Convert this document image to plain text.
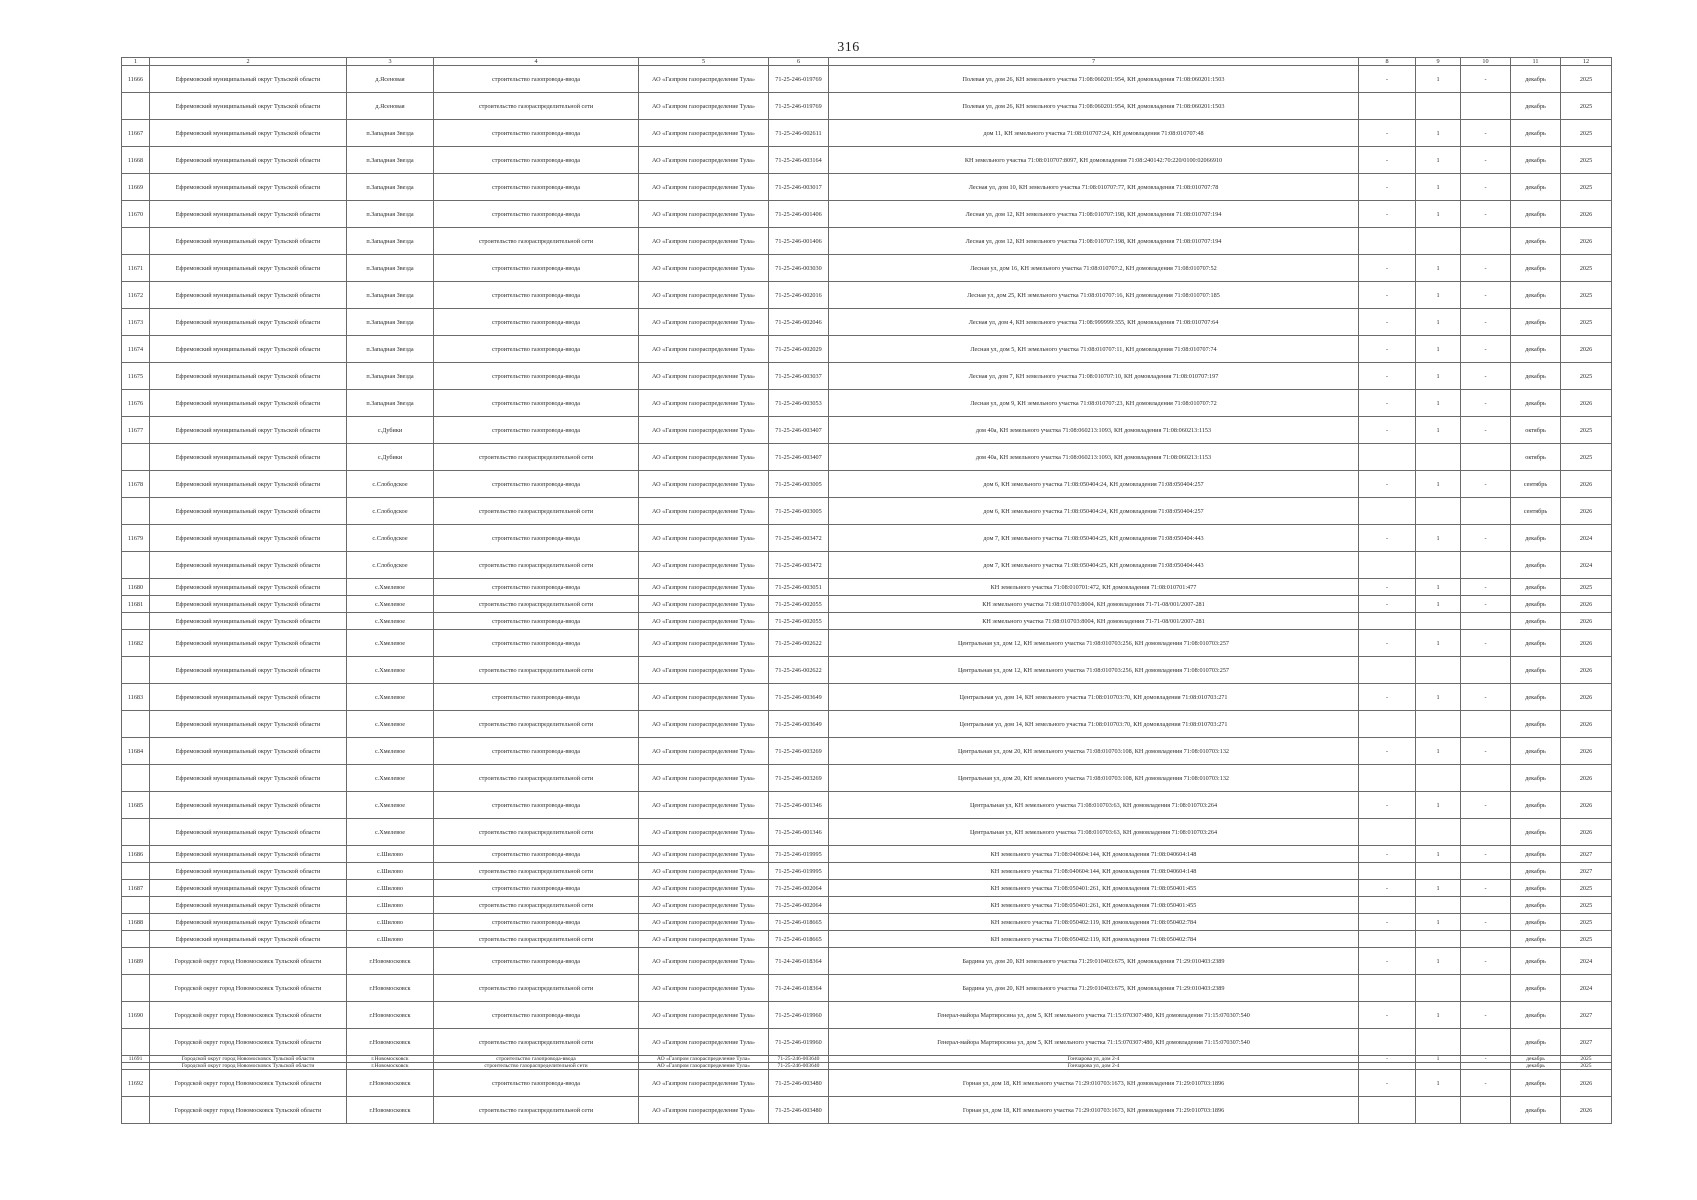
316
1	2	3	4	5	6	7	8	9	10	11	12
11666	Ефремовский муниципальный округ Тульской области	д.Ясеновая	строительство газопровода-ввода	АО «Газпром газораспределение Тула»	71-25-246-019769	Полевая ул, дом 26, КН земельного участка 71:08:060201:954, КН домовладения 71:08:060201:1503	-	1	-	декабрь	2025
	Ефремовский муниципальный округ Тульской области	д.Ясеновая	строительство газораспределительной сети	АО «Газпром газораспределение Тула»	71-25-246-019769	Полевая ул, дом 26, КН земельного участка 71:08:060201:954, КН домовладения 71:08:060201:1503				декабрь	2025
11667	Ефремовский муниципальный округ Тульской области	п.Западная Звезда	строительство газопровода-ввода	АО «Газпром газораспределение Тула»	71-25-246-002611	дом 11, КН земельного участка 71:08:010707:24, КН домовладения 71:08:010707:48	-	1	-	декабрь	2025
11668	Ефремовский муниципальный округ Тульской области	п.Западная Звезда	строительство газопровода-ввода	АО «Газпром газораспределение Тула»	71-25-246-003164	КН земельного участка 71:08:010707:8097, КН домовладения 71:08:240142:70:220/0100:02066910	-	1	-	декабрь	2025
11669	Ефремовский муниципальный округ Тульской области	п.Западная Звезда	строительство газопровода-ввода	АО «Газпром газораспределение Тула»	71-25-246-003017	Лесная ул, дом 10, КН земельного участка 71:08:010707:77, КН домовладения 71:08:010707:78	-	1	-	декабрь	2025
11670	Ефремовский муниципальный округ Тульской области	п.Западная Звезда	строительство газопровода-ввода	АО «Газпром газораспределение Тула»	71-25-246-001406	Лесная ул, дом 12, КН земельного участка 71:08:010707:198, КН домовладения 71:08:010707:194	-	1	-	декабрь	2026
	Ефремовский муниципальный округ Тульской области	п.Западная Звезда	строительство газораспределительной сети	АО «Газпром газораспределение Тула»	71-25-246-001406	Лесная ул, дом 12, КН земельного участка 71:08:010707:198, КН домовладения 71:08:010707:194				декабрь	2026
11671	Ефремовский муниципальный округ Тульской области	п.Западная Звезда	строительство газопровода-ввода	АО «Газпром газораспределение Тула»	71-25-246-003030	Лесная ул, дом 16, КН земельного участка 71:08:010707:2, КН домовладения 71:08:010707:52	-	1	-	декабрь	2025
11672	Ефремовский муниципальный округ Тульской области	п.Западная Звезда	строительство газопровода-ввода	АО «Газпром газораспределение Тула»	71-25-246-002016	Лесная ул, дом 25, КН земельного участка 71:08:010707:16, КН домовладения 71:08:010707:185	-	1	-	декабрь	2025
11673	Ефремовский муниципальный округ Тульской области	п.Западная Звезда	строительство газопровода-ввода	АО «Газпром газораспределение Тула»	71-25-246-002046	Лесная ул, дом 4, КН земельного участка 71:08:999999:355, КН домовладения 71:08:010707:64	-	1	-	декабрь	2025
11674	Ефремовский муниципальный округ Тульской области	п.Западная Звезда	строительство газопровода-ввода	АО «Газпром газораспределение Тула»	71-25-246-002029	Лесная ул, дом 5, КН земельного участка 71:08:010707:11, КН домовладения 71:08:010707:74	-	1	-	декабрь	2026
11675	Ефремовский муниципальный округ Тульской области	п.Западная Звезда	строительство газопровода-ввода	АО «Газпром газораспределение Тула»	71-25-246-003037	Лесная ул, дом 7, КН земельного участка 71:08:010707:10, КН домовладения 71:08:010707:197	-	1	-	декабрь	2025
11676	Ефремовский муниципальный округ Тульской области	п.Западная Звезда	строительство газопровода-ввода	АО «Газпром газораспределение Тула»	71-25-246-003053	Лесная ул, дом 9, КН земельного участка 71:08:010707:23, КН домовладения 71:08:010707:72	-	1	-	декабрь	2026
11677	Ефремовский муниципальный округ Тульской области	с.Дубики	строительство газопровода-ввода	АО «Газпром газораспределение Тула»	71-25-246-003407	дом 40а, КН земельного участка 71:08:060213:1093, КН домовладения 71:08:060213:1153	-	1	-	октябрь	2025
	Ефремовский муниципальный округ Тульской области	с.Дубики	строительство газораспределительной сети	АО «Газпром газораспределение Тула»	71-25-246-003407	дом 40а, КН земельного участка 71:08:060213:1093, КН домовладения 71:08:060213:1153				октябрь	2025
11678	Ефремовский муниципальный округ Тульской области	с.Слободское	строительство газопровода-ввода	АО «Газпром газораспределение Тула»	71-25-246-003005	дом 6, КН земельного участка 71:08:050404:24, КН домовладения 71:08:050404:257	-	1	-	сентябрь	2026
	Ефремовский муниципальный округ Тульской области	с.Слободское	строительство газораспределительной сети	АО «Газпром газораспределение Тула»	71-25-246-003005	дом 6, КН земельного участка 71:08:050404:24, КН домовладения 71:08:050404:257				сентябрь	2026
11679	Ефремовский муниципальный округ Тульской области	с.Слободское	строительство газопровода-ввода	АО «Газпром газораспределение Тула»	71-25-246-003472	дом 7, КН земельного участка 71:08:050404:25, КН домовладения 71:08:050404:443	-	1	-	декабрь	2024
	Ефремовский муниципальный округ Тульской области	с.Слободское	строительство газораспределительной сети	АО «Газпром газораспределение Тула»	71-25-246-003472	дом 7, КН земельного участка 71:08:050404:25, КН домовладения 71:08:050404:443				декабрь	2024
11680	Ефремовский муниципальный округ Тульской области	с.Хмелевое	строительство газопровода-ввода	АО «Газпром газораспределение Тула»	71-25-246-003051	КН земельного участка 71:08:010701:472, КН домовладения 71:08:010701:477	-	1	-	декабрь	2025
11681	Ефремовский муниципальный округ Тульской области	с.Хмелевое	строительство газораспределительной сети	АО «Газпром газораспределение Тула»	71-25-246-002055	КН земельного участка 71:08:010703:8004, КН домовладения 71-71-08/001/2007-281	-	1	-	декабрь	2026
	Ефремовский муниципальный округ Тульской области	с.Хмелевое	строительство газопровода-ввода	АО «Газпром газораспределение Тула»	71-25-246-002055	КН земельного участка 71:08:010703:8004, КН домовладения 71-71-08/001/2007-281				декабрь	2026
11682	Ефремовский муниципальный округ Тульской области	с.Хмелевое	строительство газопровода-ввода	АО «Газпром газораспределение Тула»	71-25-246-002622	Центральная ул, дом 12, КН земельного участка 71:08:010703:256, КН домовладения 71:08:010703:257	-	1	-	декабрь	2026
	Ефремовский муниципальный округ Тульской области	с.Хмелевое	строительство газораспределительной сети	АО «Газпром газораспределение Тула»	71-25-246-002622	Центральная ул, дом 12, КН земельного участка 71:08:010703:256, КН домовладения 71:08:010703:257				декабрь	2026
11683	Ефремовский муниципальный округ Тульской области	с.Хмелевое	строительство газопровода-ввода	АО «Газпром газораспределение Тула»	71-25-246-003649	Центральная ул, дом 14, КН земельного участка 71:08:010703:70, КН домовладения 71:08:010703:271	-	1	-	декабрь	2026
	Ефремовский муниципальный округ Тульской области	с.Хмелевое	строительство газораспределительной сети	АО «Газпром газораспределение Тула»	71-25-246-003649	Центральная ул, дом 14, КН земельного участка 71:08:010703:70, КН домовладения 71:08:010703:271				декабрь	2026
11684	Ефремовский муниципальный округ Тульской области	с.Хмелевое	строительство газопровода-ввода	АО «Газпром газораспределение Тула»	71-25-246-003269	Центральная ул, дом 20, КН земельного участка 71:08:010703:108, КН домовладения 71:08:010703:132	-	1	-	декабрь	2026
	Ефремовский муниципальный округ Тульской области	с.Хмелевое	строительство газораспределительной сети	АО «Газпром газораспределение Тула»	71-25-246-003269	Центральная ул, дом 20, КН земельного участка 71:08:010703:108, КН домовладения 71:08:010703:132				декабрь	2026
11685	Ефремовский муниципальный округ Тульской области	с.Хмелевое	строительство газопровода-ввода	АО «Газпром газораспределение Тула»	71-25-246-001346	Центральная ул, КН земельного участка 71:08:010703:63, КН домовладения 71:08:010703:264	-	1	-	декабрь	2026
	Ефремовский муниципальный округ Тульской области	с.Хмелевое	строительство газораспределительной сети	АО «Газпром газораспределение Тула»	71-25-246-001346	Центральная ул, КН земельного участка 71:08:010703:63, КН домовладения 71:08:010703:264				декабрь	2026
11686	Ефремовский муниципальный округ Тульской области	с.Шилово	строительство газопровода-ввода	АО «Газпром газораспределение Тула»	71-25-246-019995	КН земельного участка 71:08:040604:144, КН домовладения 71:08:040604:148	-	1	-	декабрь	2027
	Ефремовский муниципальный округ Тульской области	с.Шилово	строительство газораспределительной сети	АО «Газпром газораспределение Тула»	71-25-246-019995	КН земельного участка 71:08:040604:144, КН домовладения 71:08:040604:148				декабрь	2027
11687	Ефремовский муниципальный округ Тульской области	с.Шилово	строительство газопровода-ввода	АО «Газпром газораспределение Тула»	71-25-246-002064	КН земельного участка 71:08:050401:261, КН домовладения 71:08:050401:455	-	1	-	декабрь	2025
	Ефремовский муниципальный округ Тульской области	с.Шилово	строительство газораспределительной сети	АО «Газпром газораспределение Тула»	71-25-246-002064	КН земельного участка 71:08:050401:261, КН домовладения 71:08:050401:455				декабрь	2025
11688	Ефремовский муниципальный округ Тульской области	с.Шилово	строительство газопровода-ввода	АО «Газпром газораспределение Тула»	71-25-246-018665	КН земельного участка 71:08:050402:119, КН домовладения 71:08:050402:784	-	1	-	декабрь	2025
	Ефремовский муниципальный округ Тульской области	с.Шилово	строительство газораспределительной сети	АО «Газпром газораспределение Тула»	71-25-246-018665	КН земельного участка 71:08:050402:119, КН домовладения 71:08:050402:784				декабрь	2025
11689	Городской округ город Новомосковск Тульской области	г.Новомосковск	строительство газопровода-ввода	АО «Газпром газораспределение Тула»	71-24-246-018364	Бардина ул, дом 20, КН земельного участка 71:29:010403:675, КН домовладения 71:29:010403:2389	-	1	-	декабрь	2024
	Городской округ город Новомосковск Тульской области	г.Новомосковск	строительство газораспределительной сети	АО «Газпром газораспределение Тула»	71-24-246-018364	Бардина ул, дом 20, КН земельного участка 71:29:010403:675, КН домовладения 71:29:010403:2389				декабрь	2024
11690	Городской округ город Новомосковск Тульской области	г.Новомосковск	строительство газопровода-ввода	АО «Газпром газораспределение Тула»	71-25-246-019960	Генерал-майора Мартиросяна ул, дом 5, КН земельного участка 71:15:070307:480, КН домовладения 71:15:070307:540	-	1	-	декабрь	2027
	Городской округ город Новомосковск Тульской области	г.Новомосковск	строительство газораспределительной сети	АО «Газпром газораспределение Тула»	71-25-246-019960	Генерал-майора Мартиросяна ул, дом 5, КН земельного участка 71:15:070307:480, КН домовладения 71:15:070307:540				декабрь	2027
11691	Городской округ город Новомосковск Тульской области	г.Новомосковск	строительство газопровода-ввода	АО «Газпром газораспределение Тула»	71-25-246-003640	Гончарова ул, дом 2-4	-	1	-	декабрь	2025
	Городской округ город Новомосковск Тульской области	г.Новомосковск	строительство газораспределительной сети	АО «Газпром газораспределение Тула»	71-25-246-003640	Гончарова ул, дом 2-4				декабрь	2025
11692	Городской округ город Новомосковск Тульской области	г.Новомосковск	строительство газопровода-ввода	АО «Газпром газораспределение Тула»	71-25-246-003480	Горная ул, дом 18, КН земельного участка 71:29:010703:1673, КН домовладения 71:29:010703:1896	-	1	-	декабрь	2026
	Городской округ город Новомосковск Тульской области	г.Новомосковск	строительство газораспределительной сети	АО «Газпром газораспределение Тула»	71-25-246-003480	Горная ул, дом 18, КН земельного участка 71:29:010703:1673, КН домовладения 71:29:010703:1896				декабрь	2026
